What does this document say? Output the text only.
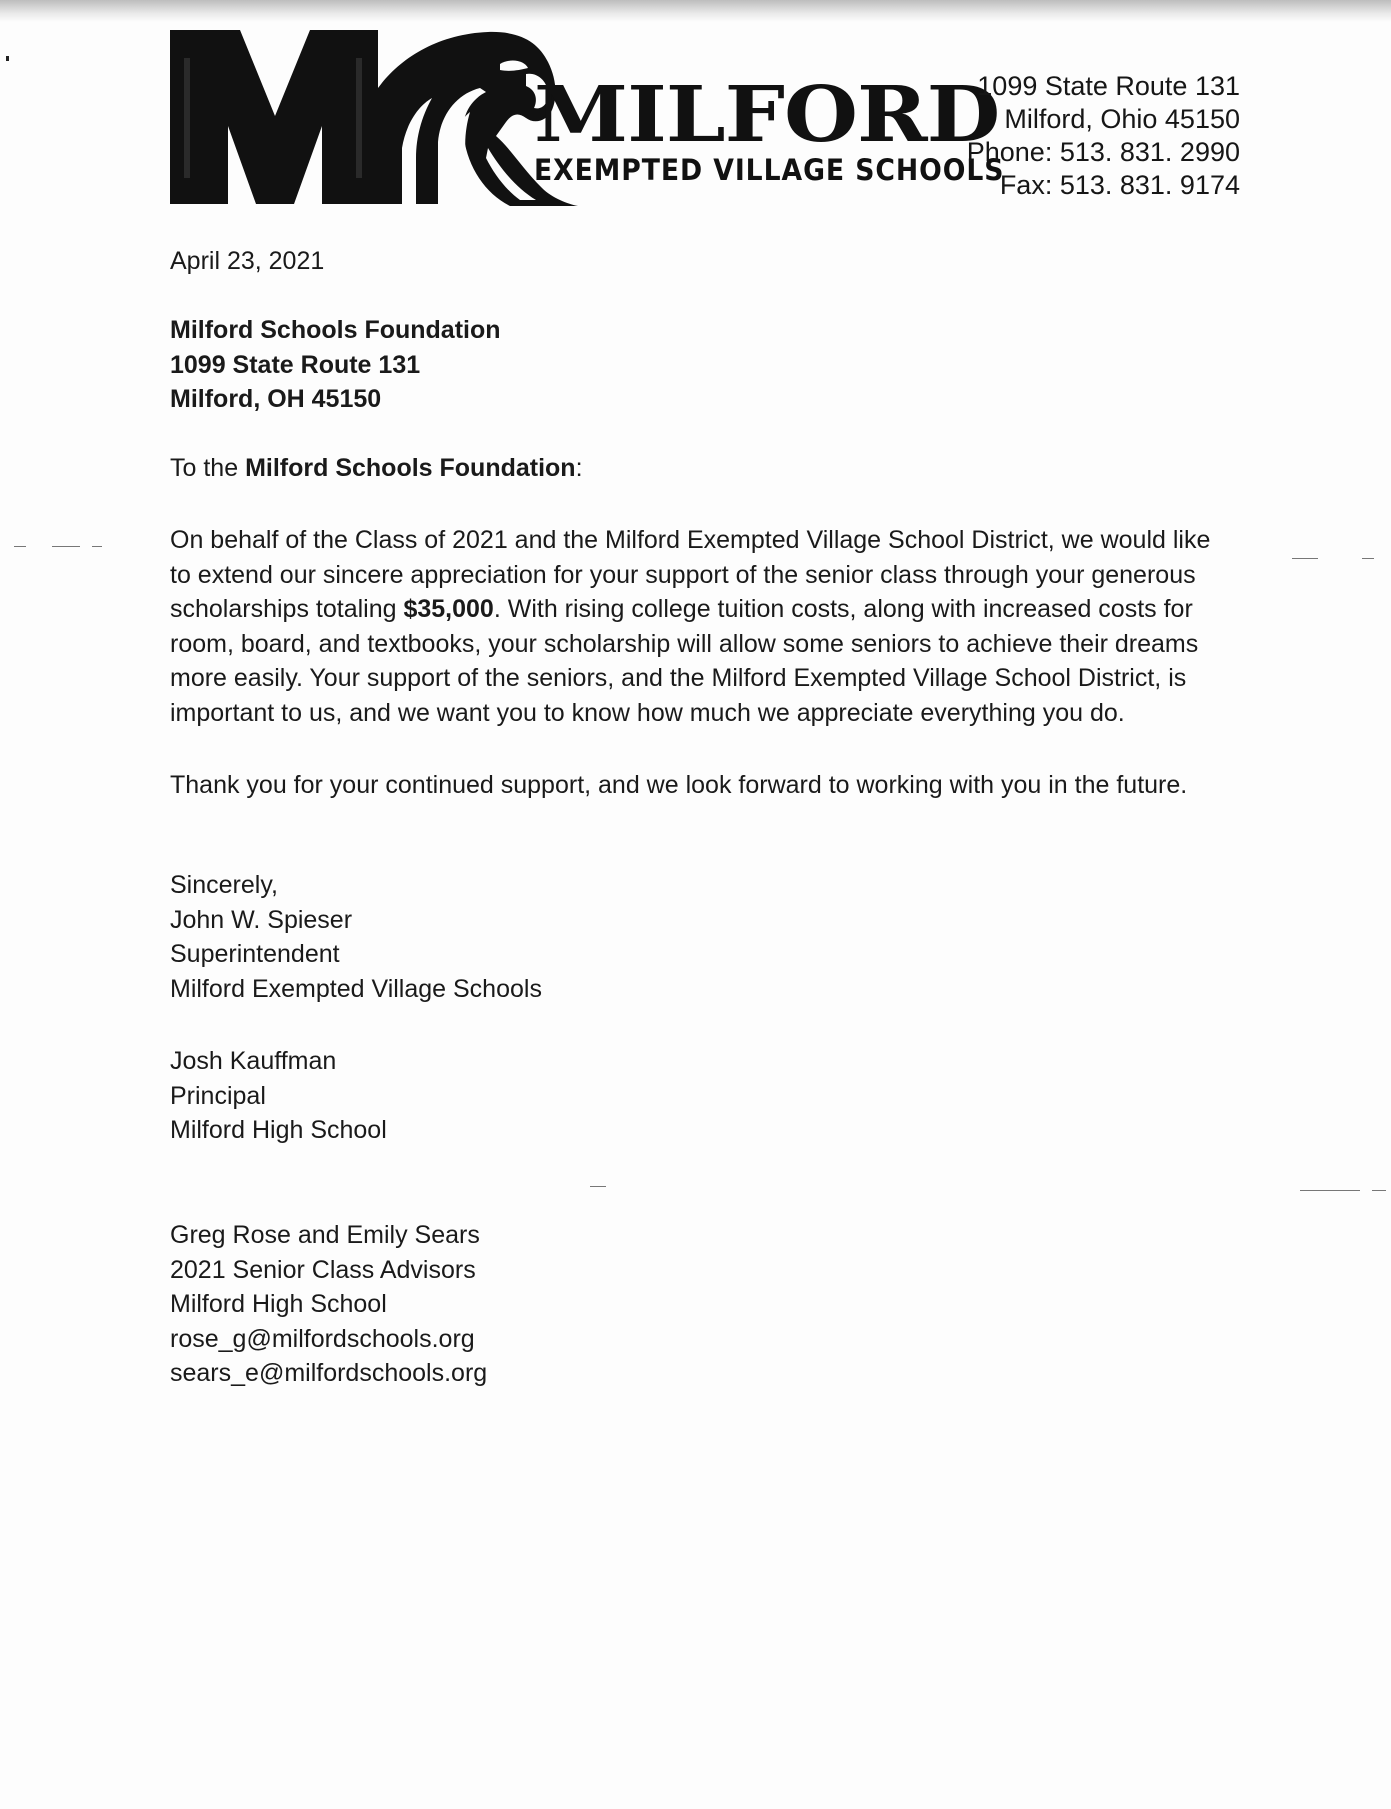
MILFORD
EXEMPTED VILLAGE SCHOOLS
1099 State Route 131
Milford, Ohio 45150
Phone: 513. 831. 2990
Fax: 513. 831. 9174
April 23, 2021
Milford Schools Foundation
1099 State Route 131
Milford, OH 45150
To the Milford Schools Foundation:
On behalf of the Class of 2021 and the Milford Exempted Village School District, we would like
to extend our sincere appreciation for your support of the senior class through your generous
scholarships totaling $35,000. With rising college tuition costs, along with increased costs for
room, board, and textbooks, your scholarship will allow some seniors to achieve their dreams
more easily. Your support of the seniors, and the Milford Exempted Village School District, is
important to us, and we want you to know how much we appreciate everything you do.
Thank you for your continued support, and we look forward to working with you in the future.
Sincerely,
John W. Spieser
Superintendent
Milford Exempted Village Schools
Josh Kauffman
Principal
Milford High School
Greg Rose and Emily Sears
2021 Senior Class Advisors
Milford High School
rose_g@milfordschools.org
sears_e@milfordschools.org
